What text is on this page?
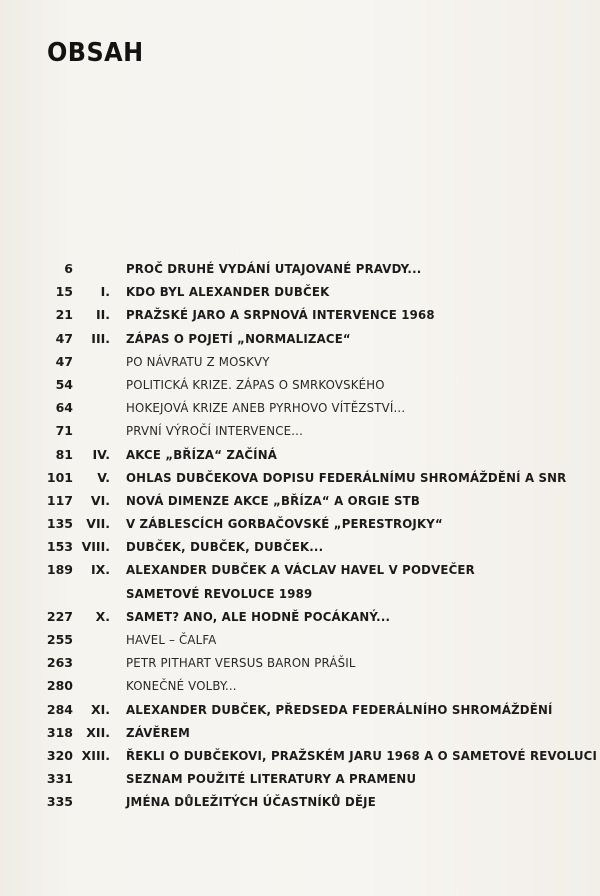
OBSAH
6	PROČ DRUHÉ VYDÁNÍ UTAJOVANÉ PRAVDY...
15	I. KDO BYL ALEXANDER DUBČEK
21	II. PRAŽSKÉ JARO A SRPNOVÁ INTERVENCE 1968
47	III. ZÁPAS O POJETÍ „NORMALIZACE“
47	PO NÁVRATU Z MOSKVY
54	POLITICKÁ KRIZE. ZÁPAS O SMRKOVSKÉHO
64	HOKEJOVÁ KRIZE ANEB PYRHOVO VÍTĚZSTVÍ...
71	PRVNÍ VÝROČÍ INTERVENCE...
81	IV. AKCE „BŘÍZA“ ZAČÍNÁ
101	V. OHLAS DUBČEKOVA DOPISU FEDERÁLNÍMU SHROMÁŽDĚNÍ A SNR
117	VI. NOVÁ DIMENZE AKCE „BŘÍZA“ A ORGIE STB
135	VII. V ZÁBLESCÍCH GORBAČOVSKÉ „PERESTROJKY“
153 VIII. DUBČEK, DUBČEK, DUBČEK...
189	IX. ALEXANDER DUBČEK A VÁCLAV HAVEL V PODVEČER
SAMETOVÉ REVOLUCE 1989
227	X. SAMET? ANO, ALE HODNĚ POCÁKANÝ...
255	HAVEL – ČALFA
263	PETR PITHART VERSUS BARON PRÁŠIL
280	KONEČNÉ VOLBY...
284	XI. ALEXANDER DUBČEK, PŘEDSEDA FEDERÁLNÍHO SHROMÁŽDĚNÍ
318	XII. ZÁVĚREM
320 XIII. ŘEKLI O DUBČEKOVI, PRAŽSKÉM JARU 1968 A O SAMETOVÉ REVOLUCI
331	SEZNAM POUŽITÉ LITERATURY A PRAMENU
335	JMÉNA DŮLEŽITÝCH ÚČASTNÍKŮ DĚJE
